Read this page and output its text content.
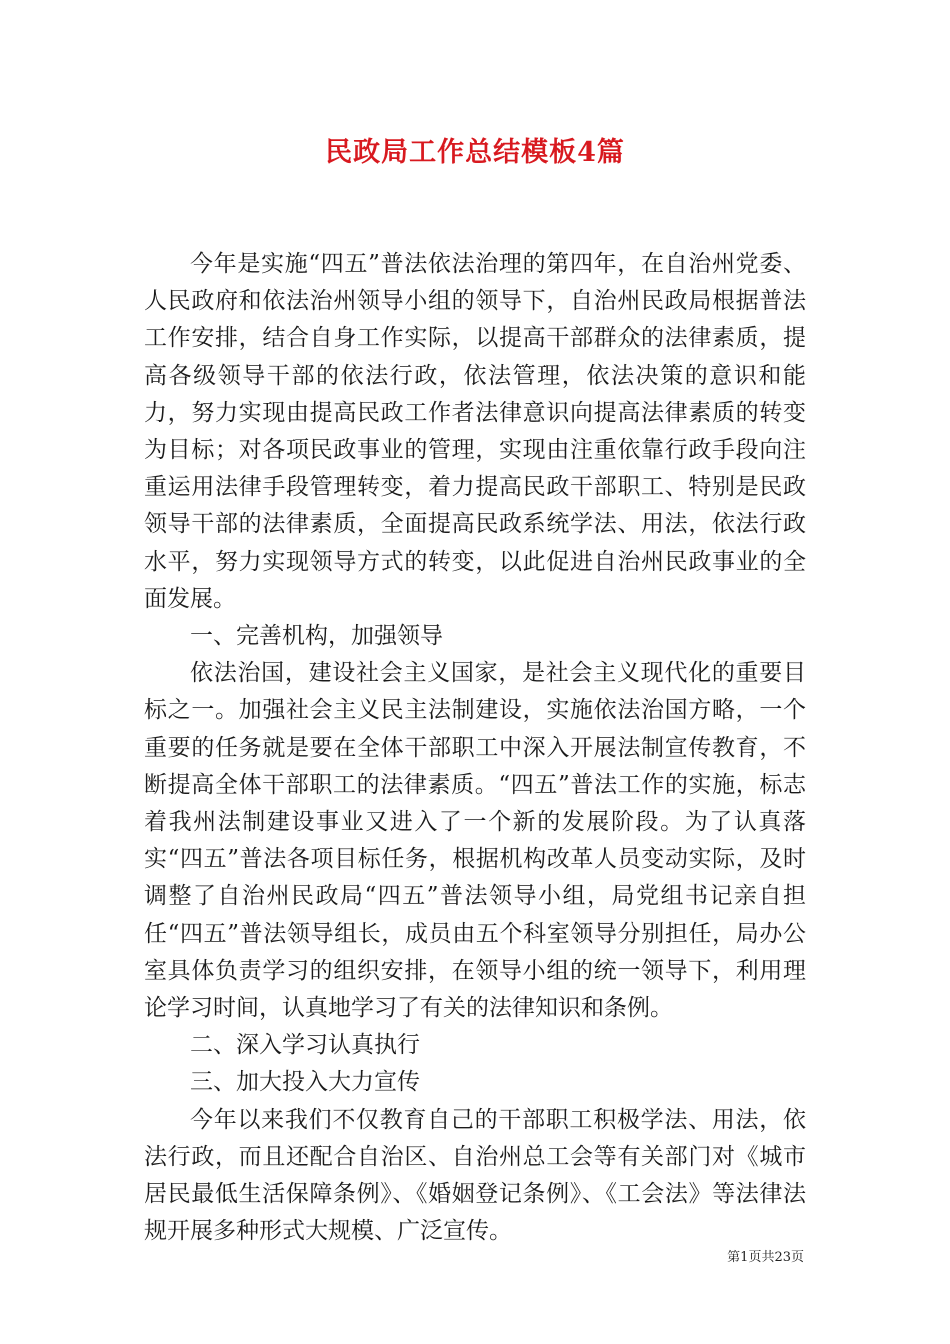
民政局工作总结模板4篇

今年是实施“四五”普法依法治理的第四年，在自治州党委、人民政府和依法治州领导小组的领导下，自治州民政局根据普法工作安排，结合自身工作实际，以提高干部群众的法律素质，提高各级领导干部的依法行政，依法管理，依法决策的意识和能力，努力实现由提高民政工作者法律意识向提高法律素质的转变为目标；对各项民政事业的管理，实现由注重依靠行政手段向注重运用法律手段管理转变，着力提高民政干部职工、特别是民政领导干部的法律素质，全面提高民政系统学法、用法，依法行政水平，努力实现领导方式的转变，以此促进自治州民政事业的全面发展。

一、完善机构，加强领导

依法治国，建设社会主义国家，是社会主义现代化的重要目标之一。加强社会主义民主法制建设，实施依法治国方略，一个重要的任务就是要在全体干部职工中深入开展法制宣传教育，不断提高全体干部职工的法律素质。“四五”普法工作的实施，标志着我州法制建设事业又进入了一个新的发展阶段。为了认真落实“四五”普法各项目标任务，根据机构改革人员变动实际，及时调整了自治州民政局“四五”普法领导小组，局党组书记亲自担任“四五”普法领导组长，成员由五个科室领导分别担任，局办公室具体负责学习的组织安排，在领导小组的统一领导下，利用理论学习时间，认真地学习了有关的法律知识和条例。

二、深入学习认真执行

三、加大投入大力宣传

今年以来我们不仅教育自己的干部职工积极学法、用法，依法行政，而且还配合自治区、自治州总工会等有关部门对《城市居民最低生活保障条例》、《婚姻登记条例》、《工会法》等法律法规开展多种形式大规模、广泛宣传。

第1页共23页
